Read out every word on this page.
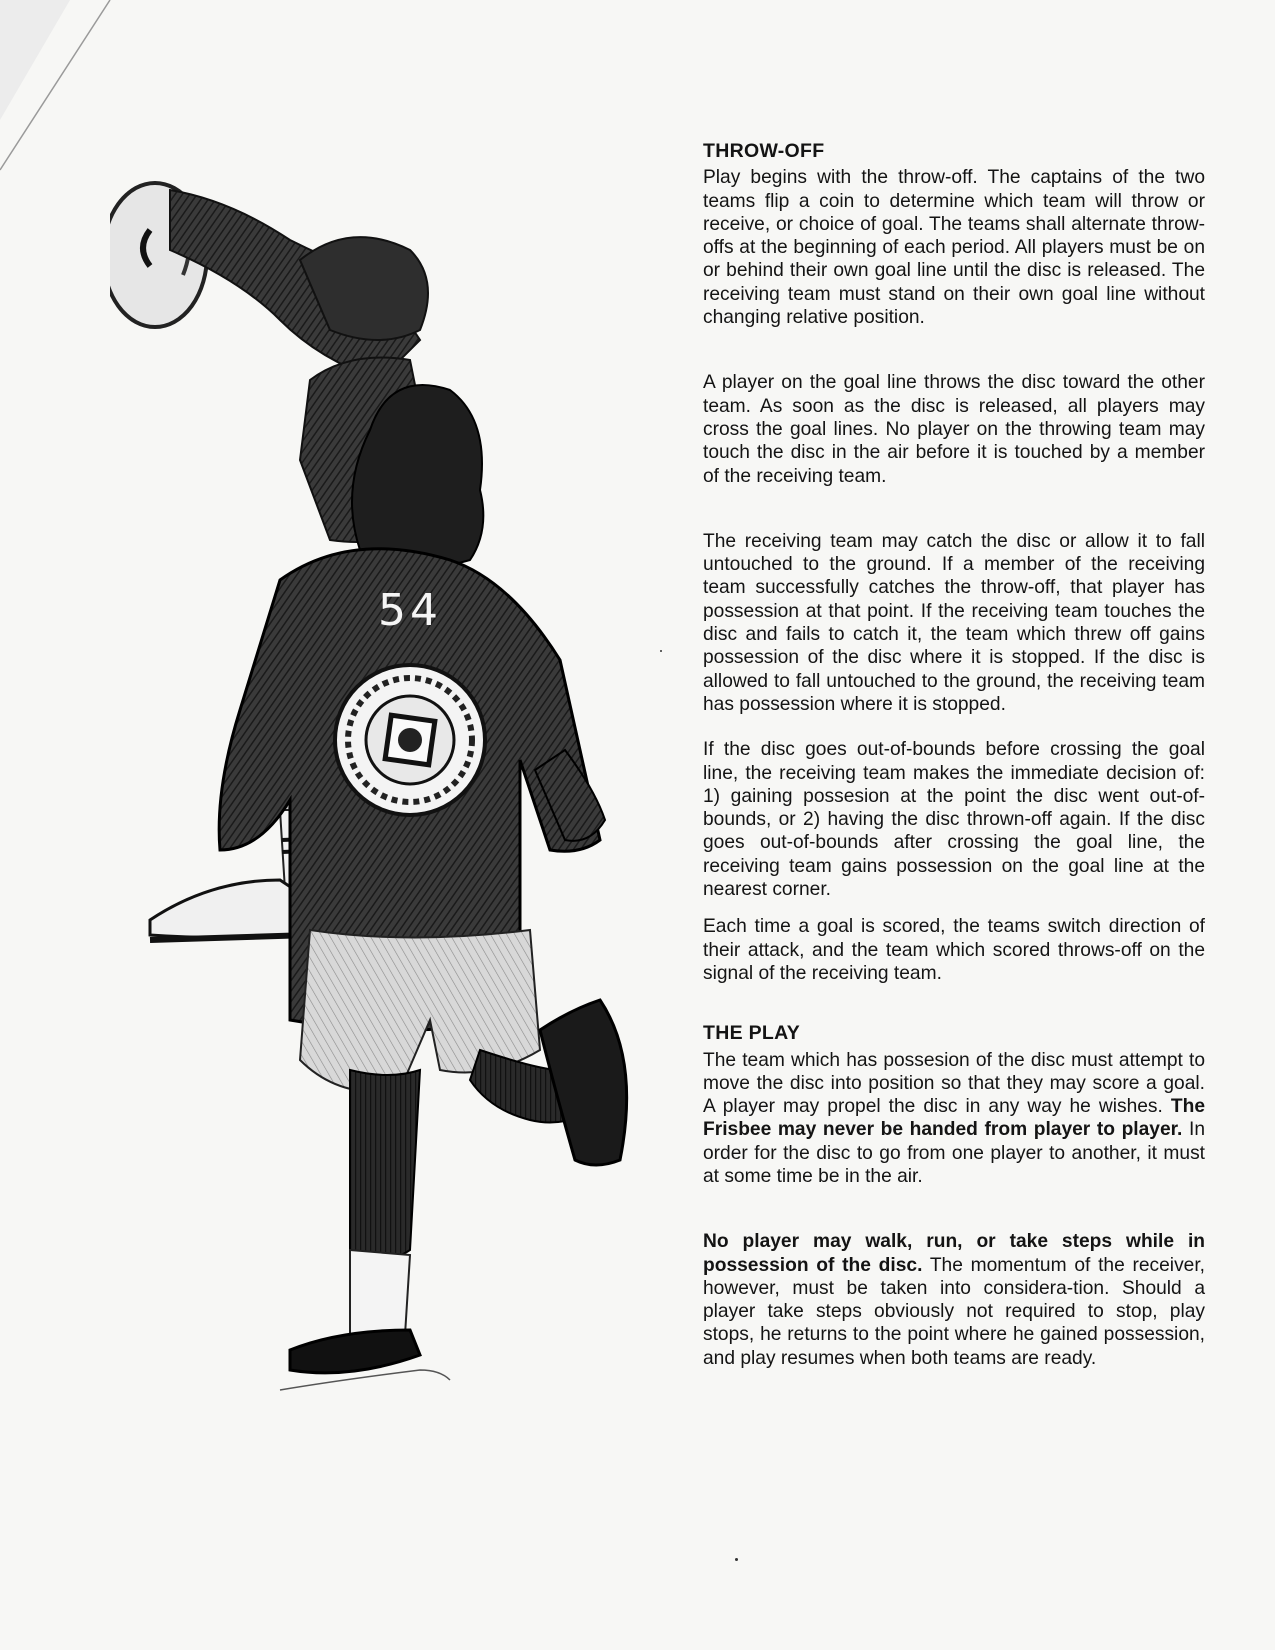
54
THROW-OFF

Play begins with the throw-off. The captains of the two teams flip a coin to determine which team will throw or receive, or choice of goal. The teams shall alternate throw-offs at the beginning of each period. All players must be on or behind their own goal line until the disc is released. The receiving team must stand on their own goal line without changing relative position.

A player on the goal line throws the disc toward the other team. As soon as the disc is released, all players may cross the goal lines. No player on the throwing team may touch the disc in the air before it is touched by a member of the receiving team.

The receiving team may catch the disc or allow it to fall untouched to the ground. If a member of the receiving team successfully catches the throw-off, that player has possession at that point. If the receiving team touches the disc and fails to catch it, the team which threw off gains possession of the disc where it is stopped. If the disc is allowed to fall untouched to the ground, the receiving team has possession where it is stopped.

If the disc goes out-of-bounds before crossing the goal line, the receiving team makes the immediate decision of: 1) gaining possesion at the point the disc went out-of-bounds, or 2) having the disc thrown-off again. If the disc goes out-of-bounds after crossing the goal line, the receiving team gains possession on the goal line at the nearest corner.

Each time a goal is scored, the teams switch direction of their attack, and the team which scored throws-off on the signal of the receiving team.

THE PLAY

The team which has possesion of the disc must attempt to move the disc into position so that they may score a goal. A player may propel the disc in any way he wishes. The Frisbee may never be handed from player to player. In order for the disc to go from one player to another, it must at some time be in the air.

No player may walk, run, or take steps while in possession of the disc. The momentum of the receiver, however, must be taken into considera-tion. Should a player take steps obviously not required to stop, play stops, he returns to the point where he gained possession, and play resumes when both teams are ready.
